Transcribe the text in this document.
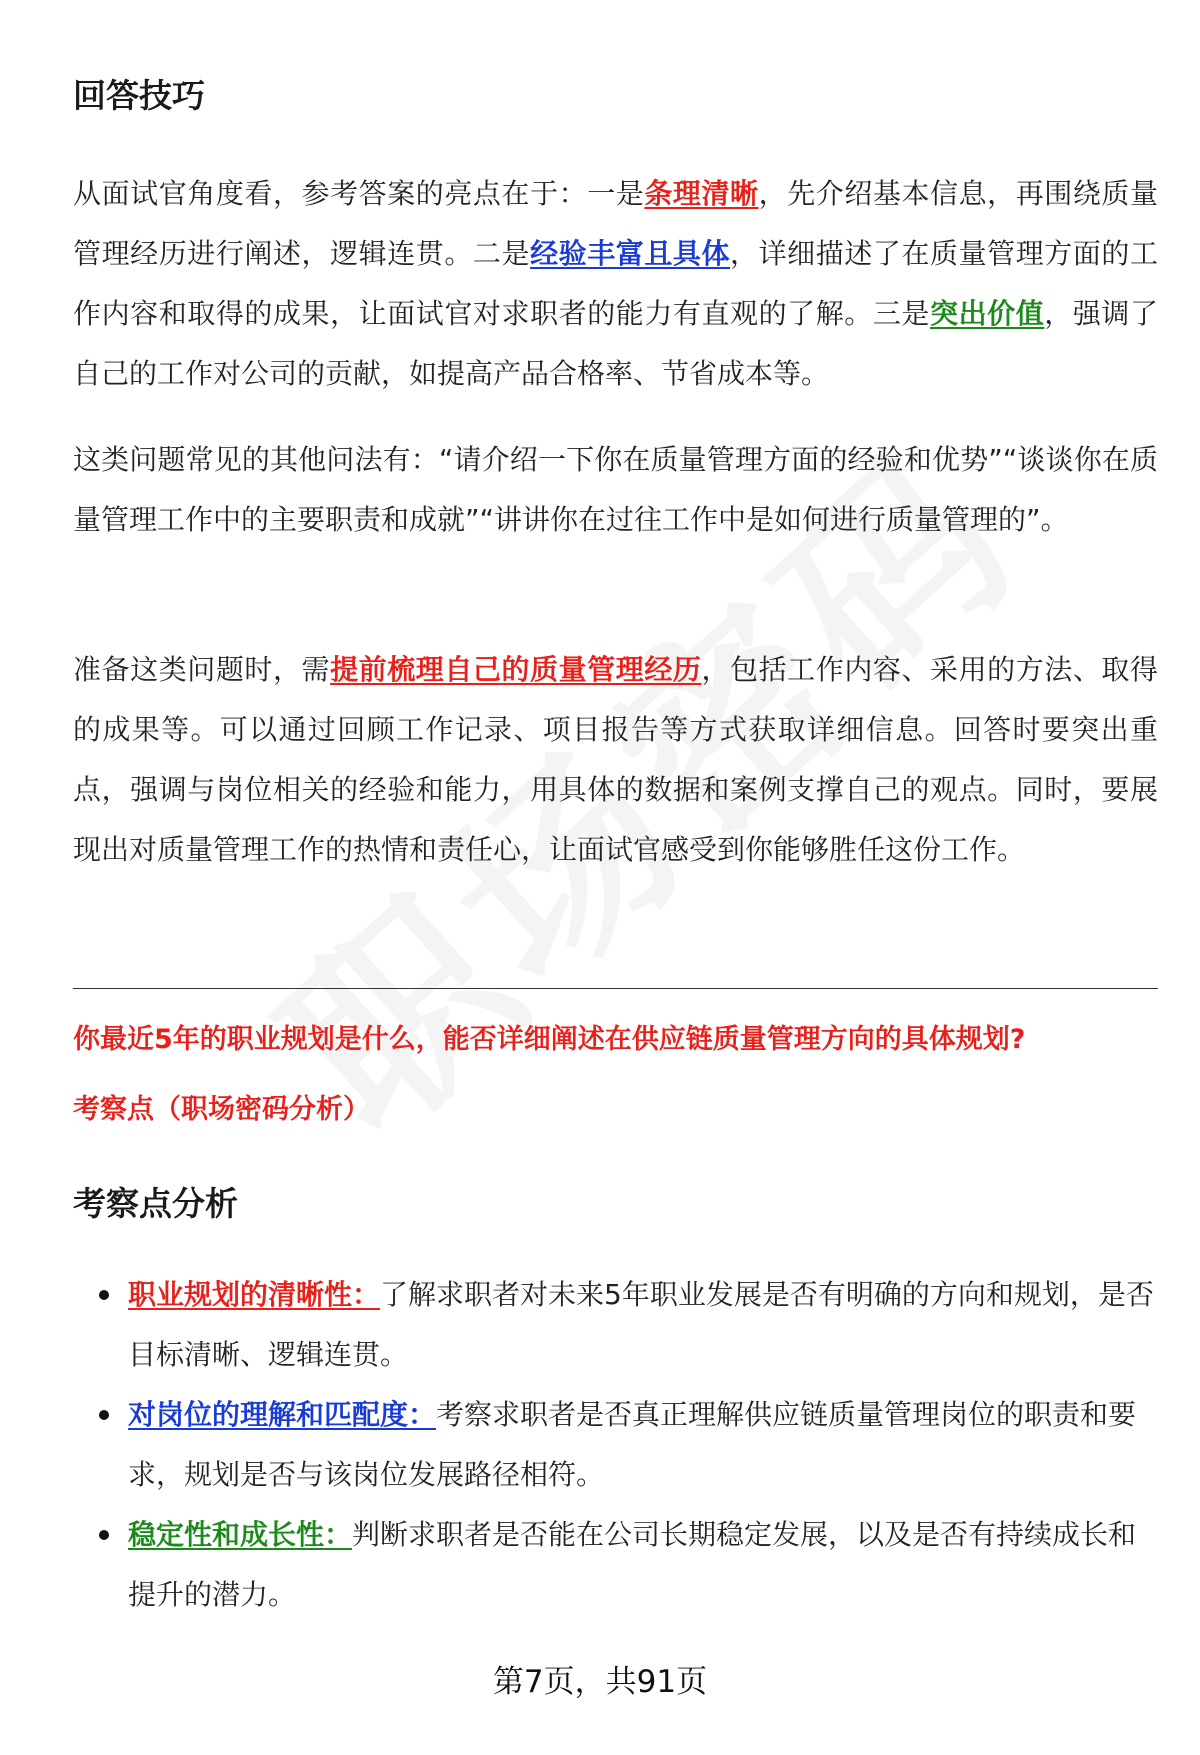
回答技巧

从面试官角度看，参考答案的亮点在于：一是条理清晰，先介绍基本信息，再围绕质量管理经历进行阐述，逻辑连贯。二是经验丰富且具体，详细描述了在质量管理方面的工作内容和取得的成果，让面试官对求职者的能力有直观的了解。三是突出价值，强调了自己的工作对公司的贡献，如提高产品合格率、节省成本等。

这类问题常见的其他问法有：“请介绍一下你在质量管理方面的经验和优势”“谈谈你在质量管理工作中的主要职责和成就”“讲讲你在过往工作中是如何进行质量管理的”。

准备这类问题时，需提前梳理自己的质量管理经历，包括工作内容、采用的方法、取得的成果等。可以通过回顾工作记录、项目报告等方式获取详细信息。回答时要突出重点，强调与岗位相关的经验和能力，用具体的数据和案例支撑自己的观点。同时，要展现出对质量管理工作的热情和责任心，让面试官感受到你能够胜任这份工作。

你最近5年的职业规划是什么，能否详细阐述在供应链质量管理方向的具体规划?

考察点（职场密码分析）

考察点分析
职业规划的清晰性：了解求职者对未来5年职业发展是否有明确的方向和规划，是否目标清晰、逻辑连贯。
对岗位的理解和匹配度：考察求职者是否真正理解供应链质量管理岗位的职责和要求，规划是否与该岗位发展路径相符。
稳定性和成长性：判断求职者是否能在公司长期稳定发展，以及是否有持续成长和提升的潜力。
第7页，共91页
